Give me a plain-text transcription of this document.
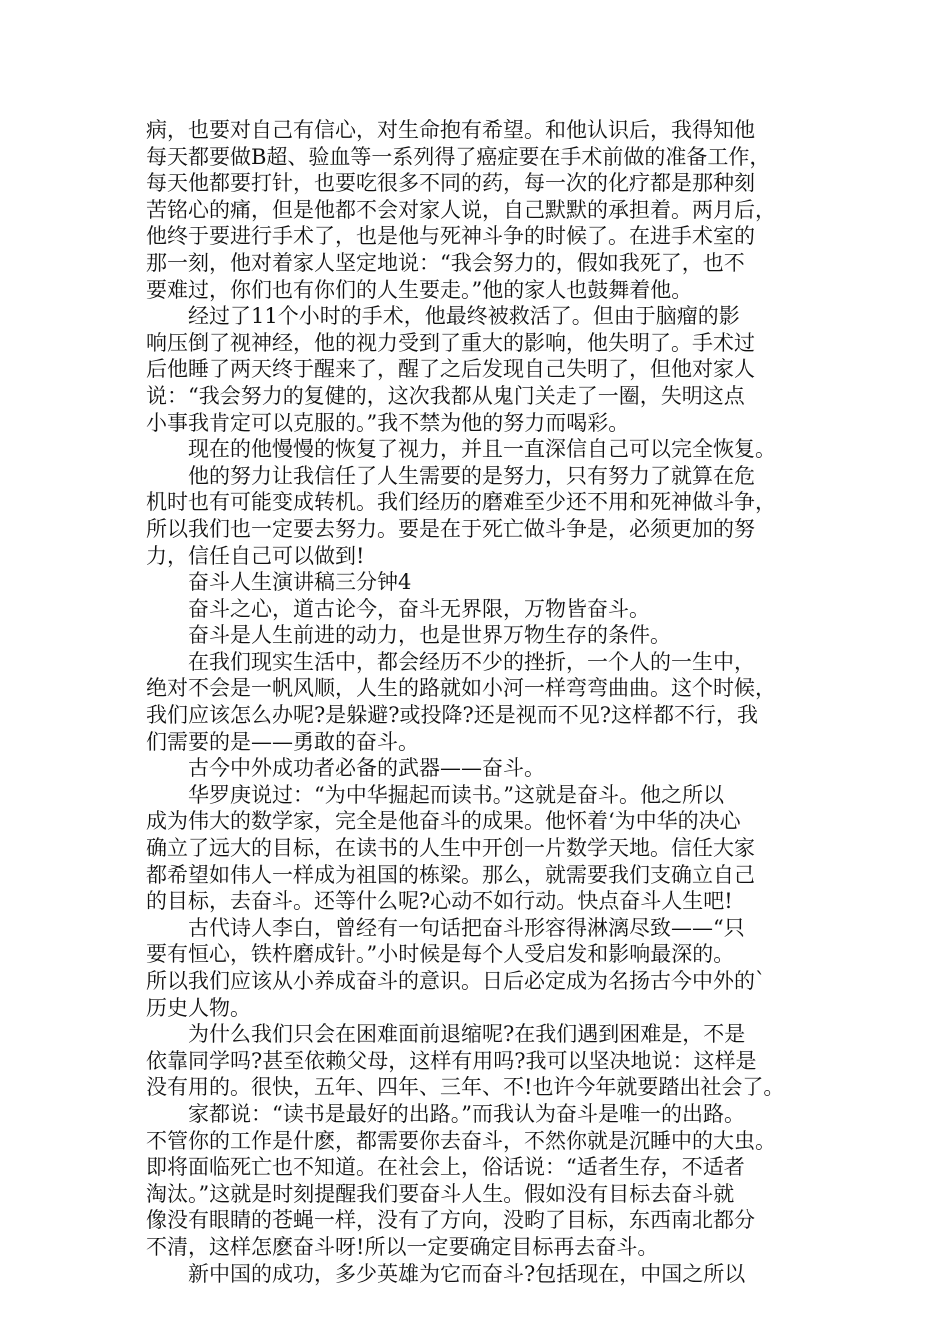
病，也要对自己有信心，对生命抱有希望。和他认识后，我得知他
每天都要做B超、验血等一系列得了癌症要在手术前做的准备工作，
每天他都要打针，也要吃很多不同的药，每一次的化疗都是那种刻
苦铭心的痛，但是他都不会对家人说，自己默默的承担着。两月后，
他终于要进行手术了，也是他与死神斗争的时候了。在进手术室的
那一刻，他对着家人坚定地说：“我会努力的，假如我死了，也不
要难过，你们也有你们的人生要走。”他的家人也鼓舞着他。
　　经过了11个小时的手术，他最终被救活了。但由于脑瘤的影
响压倒了视神经，他的视力受到了重大的影响，他失明了。手术过
后他睡了两天终于醒来了，醒了之后发现自己失明了，但他对家人
说：“我会努力的复健的，这次我都从鬼门关走了一圈，失明这点
小事我肯定可以克服的。”我不禁为他的努力而喝彩。
　　现在的他慢慢的恢复了视力，并且一直深信自己可以完全恢复。
　　他的努力让我信任了人生需要的是努力，只有努力了就算在危
机时也有可能变成转机。我们经历的磨难至少还不用和死神做斗争，
所以我们也一定要去努力。要是在于死亡做斗争是，必须更加的努
力，信任自己可以做到!
　　奋斗人生演讲稿三分钟4
　　奋斗之心，道古论今，奋斗无界限，万物皆奋斗。
　　奋斗是人生前进的动力，也是世界万物生存的条件。
　　在我们现实生活中，都会经历不少的挫折，一个人的一生中，
绝对不会是一帆风顺，人生的路就如小河一样弯弯曲曲。这个时候，
我们应该怎么办呢?是躲避?或投降?还是视而不见?这样都不行，我
们需要的是——勇敢的奋斗。
　　古今中外成功者必备的武器——奋斗。
　　华罗庚说过：“为中华掘起而读书。”这就是奋斗。他之所以
成为伟大的数学家，完全是他奋斗的成果。他怀着‘为中华的决心
确立了远大的目标，在读书的人生中开创一片数学天地。信任大家
都希望如伟人一样成为祖国的栋梁。那么，就需要我们支确立自己
的目标，去奋斗。还等什么呢?心动不如行动。快点奋斗人生吧!
　　古代诗人李白，曾经有一句话把奋斗形容得淋漓尽致——“只
要有恒心，铁杵磨成针。”小时候是每个人受启发和影响最深的。
所以我们应该从小养成奋斗的意识。日后必定成为名扬古今中外的`
历史人物。
　　为什么我们只会在困难面前退缩呢?在我们遇到困难是，不是
依靠同学吗?甚至依赖父母，这样有用吗?我可以坚决地说：这样是
没有用的。很快，五年、四年、三年、不!也许今年就要踏出社会了。
　　家都说：“读书是最好的出路。”而我认为奋斗是唯一的出路。
不管你的工作是什麽，都需要你去奋斗，不然你就是沉睡中的大虫。
即将面临死亡也不知道。在社会上，俗话说：“适者生存，不适者
淘汰。”这就是时刻提醒我们要奋斗人生。假如没有目标去奋斗就
像没有眼睛的苍蝇一样，没有了方向，没畇了目标，东西南北都分
不清，这样怎麽奋斗呀!所以一定要确定目标再去奋斗。
　　新中国的成功，多少英雄为它而奋斗?包括现在，中国之所以
